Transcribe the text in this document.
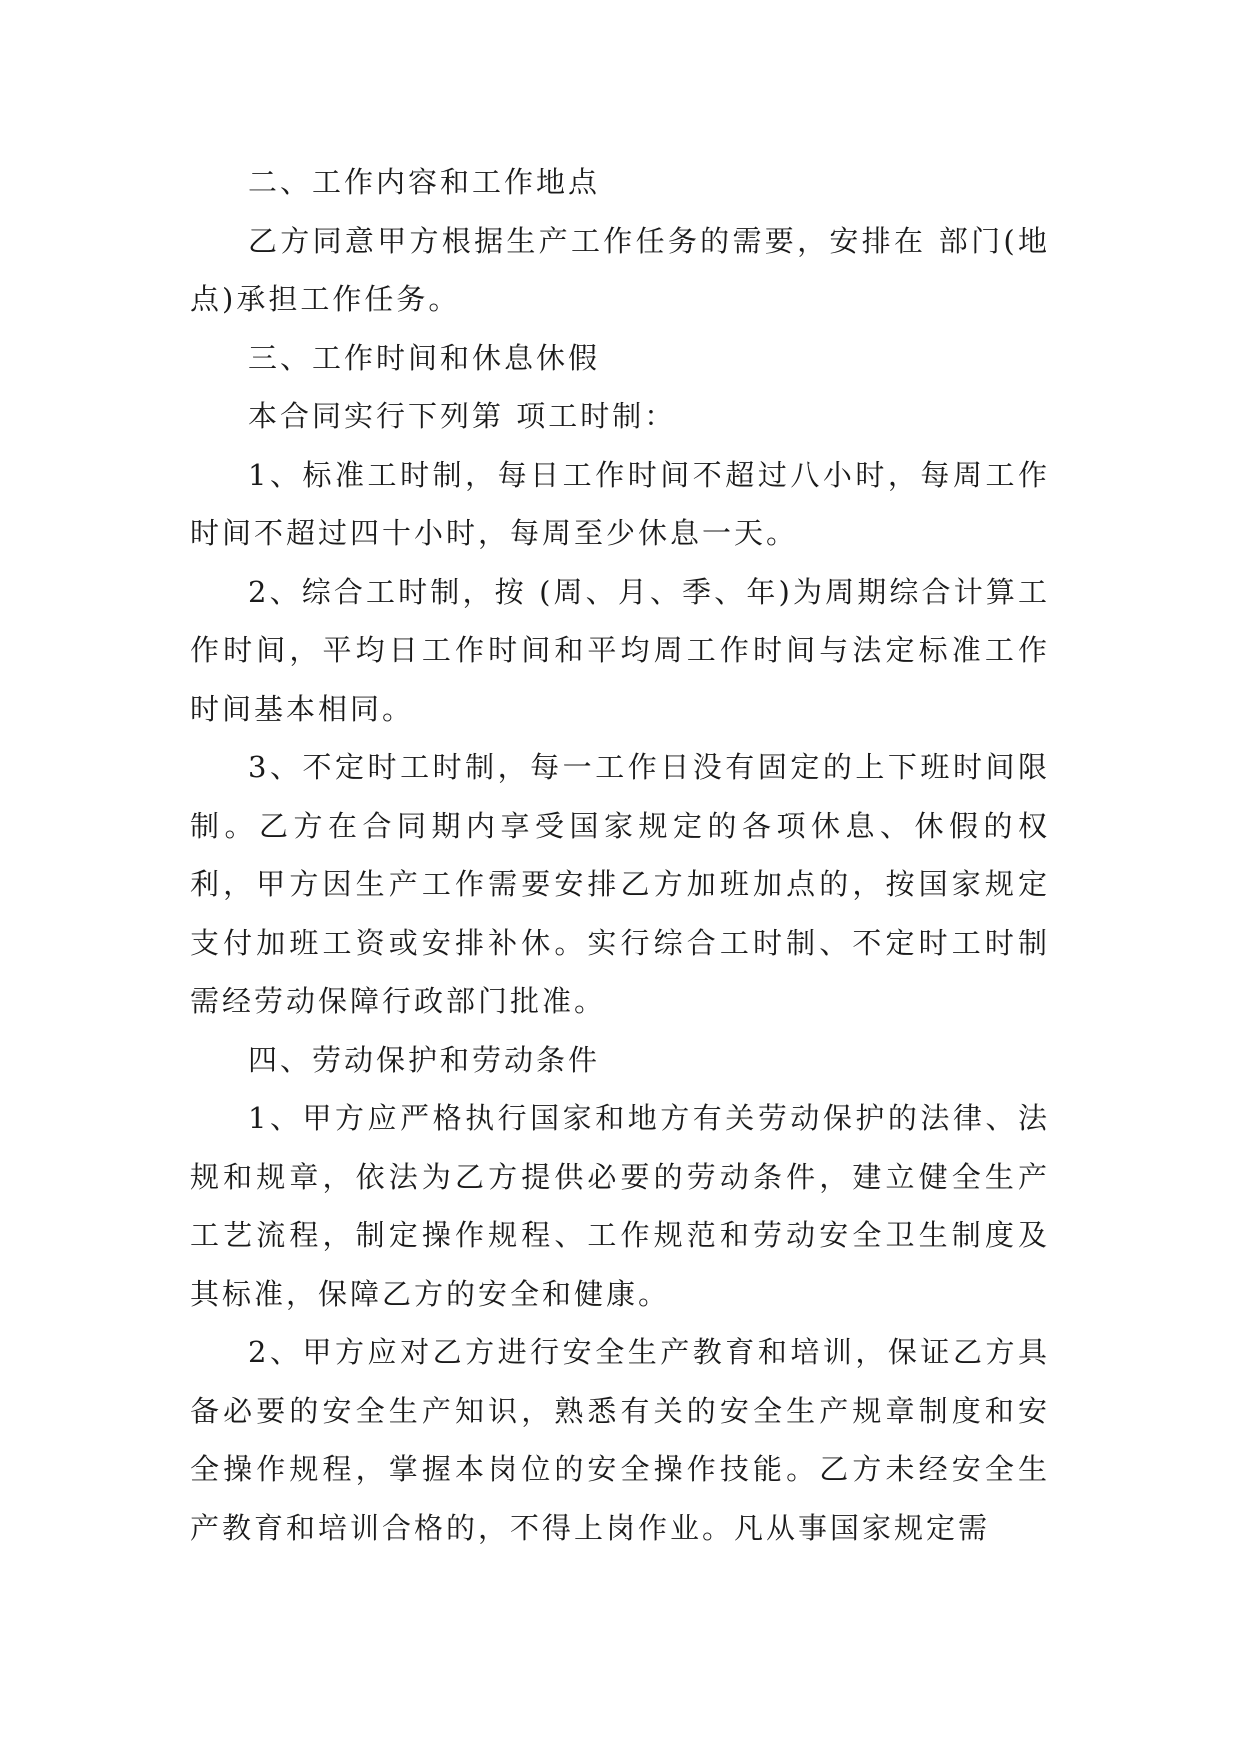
二、工作内容和工作地点

乙方同意甲方根据生产工作任务的需要，安排在 部门(地点)承担工作任务。

三、工作时间和休息休假

本合同实行下列第 项工时制：

1、标准工时制，每日工作时间不超过八小时，每周工作时间不超过四十小时，每周至少休息一天。

2、综合工时制，按 (周、月、季、年)为周期综合计算工作时间，平均日工作时间和平均周工作时间与法定标准工作时间基本相同。

3、不定时工时制，每一工作日没有固定的上下班时间限制。乙方在合同期内享受国家规定的各项休息、休假的权利，甲方因生产工作需要安排乙方加班加点的，按国家规定支付加班工资或安排补休。实行综合工时制、不定时工时制需经劳动保障行政部门批准。

四、劳动保护和劳动条件

1、甲方应严格执行国家和地方有关劳动保护的法律、法规和规章，依法为乙方提供必要的劳动条件，建立健全生产工艺流程，制定操作规程、工作规范和劳动安全卫生制度及其标准，保障乙方的安全和健康。

2、甲方应对乙方进行安全生产教育和培训，保证乙方具备必要的安全生产知识，熟悉有关的安全生产规章制度和安全操作规程，掌握本岗位的安全操作技能。乙方未经安全生产教育和培训合格的，不得上岗作业。凡从事国家规定需
